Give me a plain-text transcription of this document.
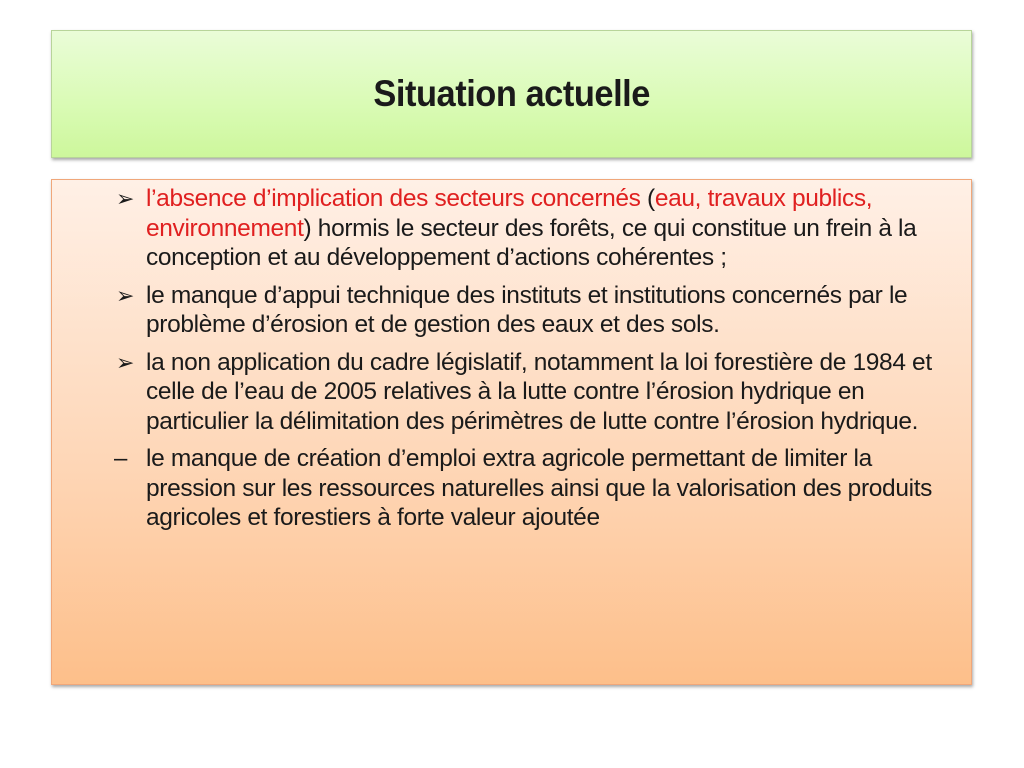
Situation actuelle
➢ l’absence d’implication des secteurs concernés (eau, travaux publics, environnement) hormis le secteur des forêts, ce qui constitue un frein à la conception et au développement d’actions cohérentes ;
➢ le manque d’appui technique des instituts et institutions concernés par le problème d’érosion et de gestion des eaux et des sols.
➢ la non application du cadre législatif, notamment la loi forestière de 1984 et celle de l’eau de 2005 relatives à la lutte contre l’érosion hydrique en particulier la délimitation des périmètres de lutte contre l’érosion hydrique.
– le manque de création d’emploi extra agricole permettant de limiter la pression sur les ressources naturelles ainsi que la valorisation des produits agricoles et forestiers à forte valeur ajoutée
